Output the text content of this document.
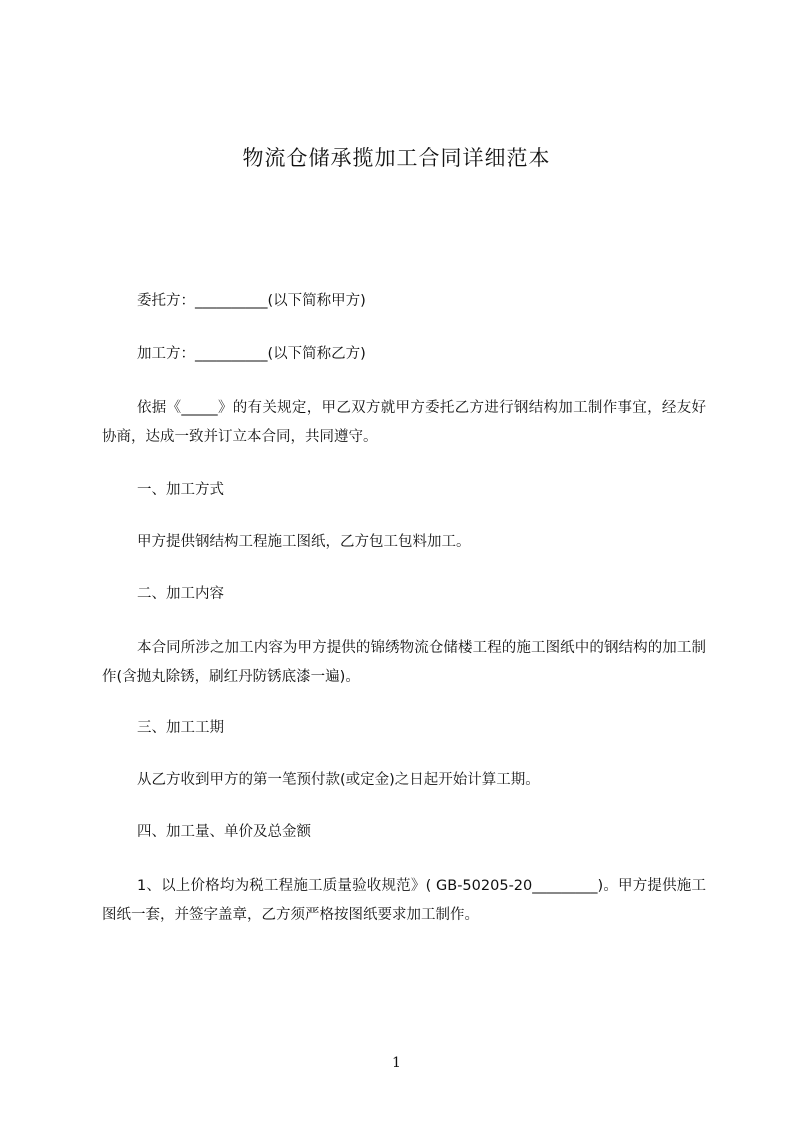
物流仓储承揽加工合同详细范本
委托方：__________(以下简称甲方)
加工方：__________(以下简称乙方)
依据《_____》的有关规定，甲乙双方就甲方委托乙方进行钢结构加工制作事宜，经友好协商，达成一致并订立本合同，共同遵守。
一、加工方式
甲方提供钢结构工程施工图纸，乙方包工包料加工。
二、加工内容
本合同所涉之加工内容为甲方提供的锦绣物流仓储楼工程的施工图纸中的钢结构的加工制作(含抛丸除锈，刷红丹防锈底漆一遍)。
三、加工工期
从乙方收到甲方的第一笔预付款(或定金)之日起开始计算工期。
四、加工量、单价及总金额
1、以上价格均为税工程施工质量验收规范》( GB-50205-20_________)。甲方提供施工图纸一套，并签字盖章，乙方须严格按图纸要求加工制作。
1
